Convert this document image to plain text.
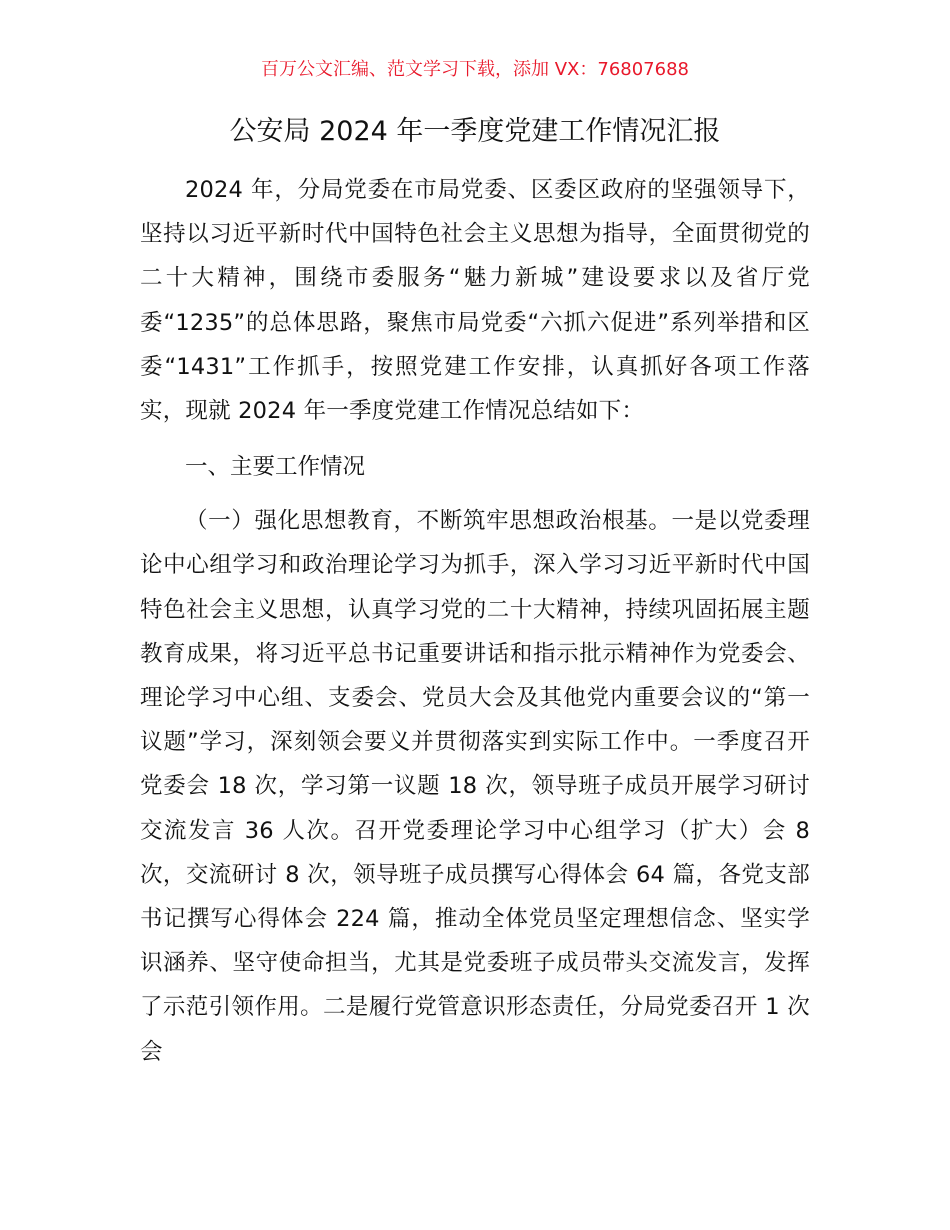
百万公文汇编、范文学习下载，添加 VX：76807688
公安局 2024 年一季度党建工作情况汇报

2024 年，分局党委在市局党委、区委区政府的坚强领导下，坚持以习近平新时代中国特色社会主义思想为指导，全面贯彻党的二十大精神，围绕市委服务“魅力新城”建设要求以及省厅党委“1235”的总体思路，聚焦市局党委“六抓六促进”系列举措和区委“1431”工作抓手，按照党建工作安排，认真抓好各项工作落实，现就 2024 年一季度党建工作情况总结如下：

一、主要工作情况

（一）强化思想教育，不断筑牢思想政治根基。一是以党委理论中心组学习和政治理论学习为抓手，深入学习习近平新时代中国特色社会主义思想，认真学习党的二十大精神，持续巩固拓展主题教育成果，将习近平总书记重要讲话和指示批示精神作为党委会、理论学习中心组、支委会、党员大会及其他党内重要会议的“第一议题”学习，深刻领会要义并贯彻落实到实际工作中。一季度召开党委会 18 次，学习第一议题 18 次，领导班子成员开展学习研讨交流发言 36 人次。召开党委理论学习中心组学习（扩大）会 8 次，交流研讨 8 次，领导班子成员撰写心得体会 64 篇，各党支部书记撰写心得体会 224 篇，推动全体党员坚定理想信念、坚实学识涵养、坚守使命担当，尤其是党委班子成员带头交流发言，发挥了示范引领作用。二是履行党管意识形态责任，分局党委召开 1 次会
